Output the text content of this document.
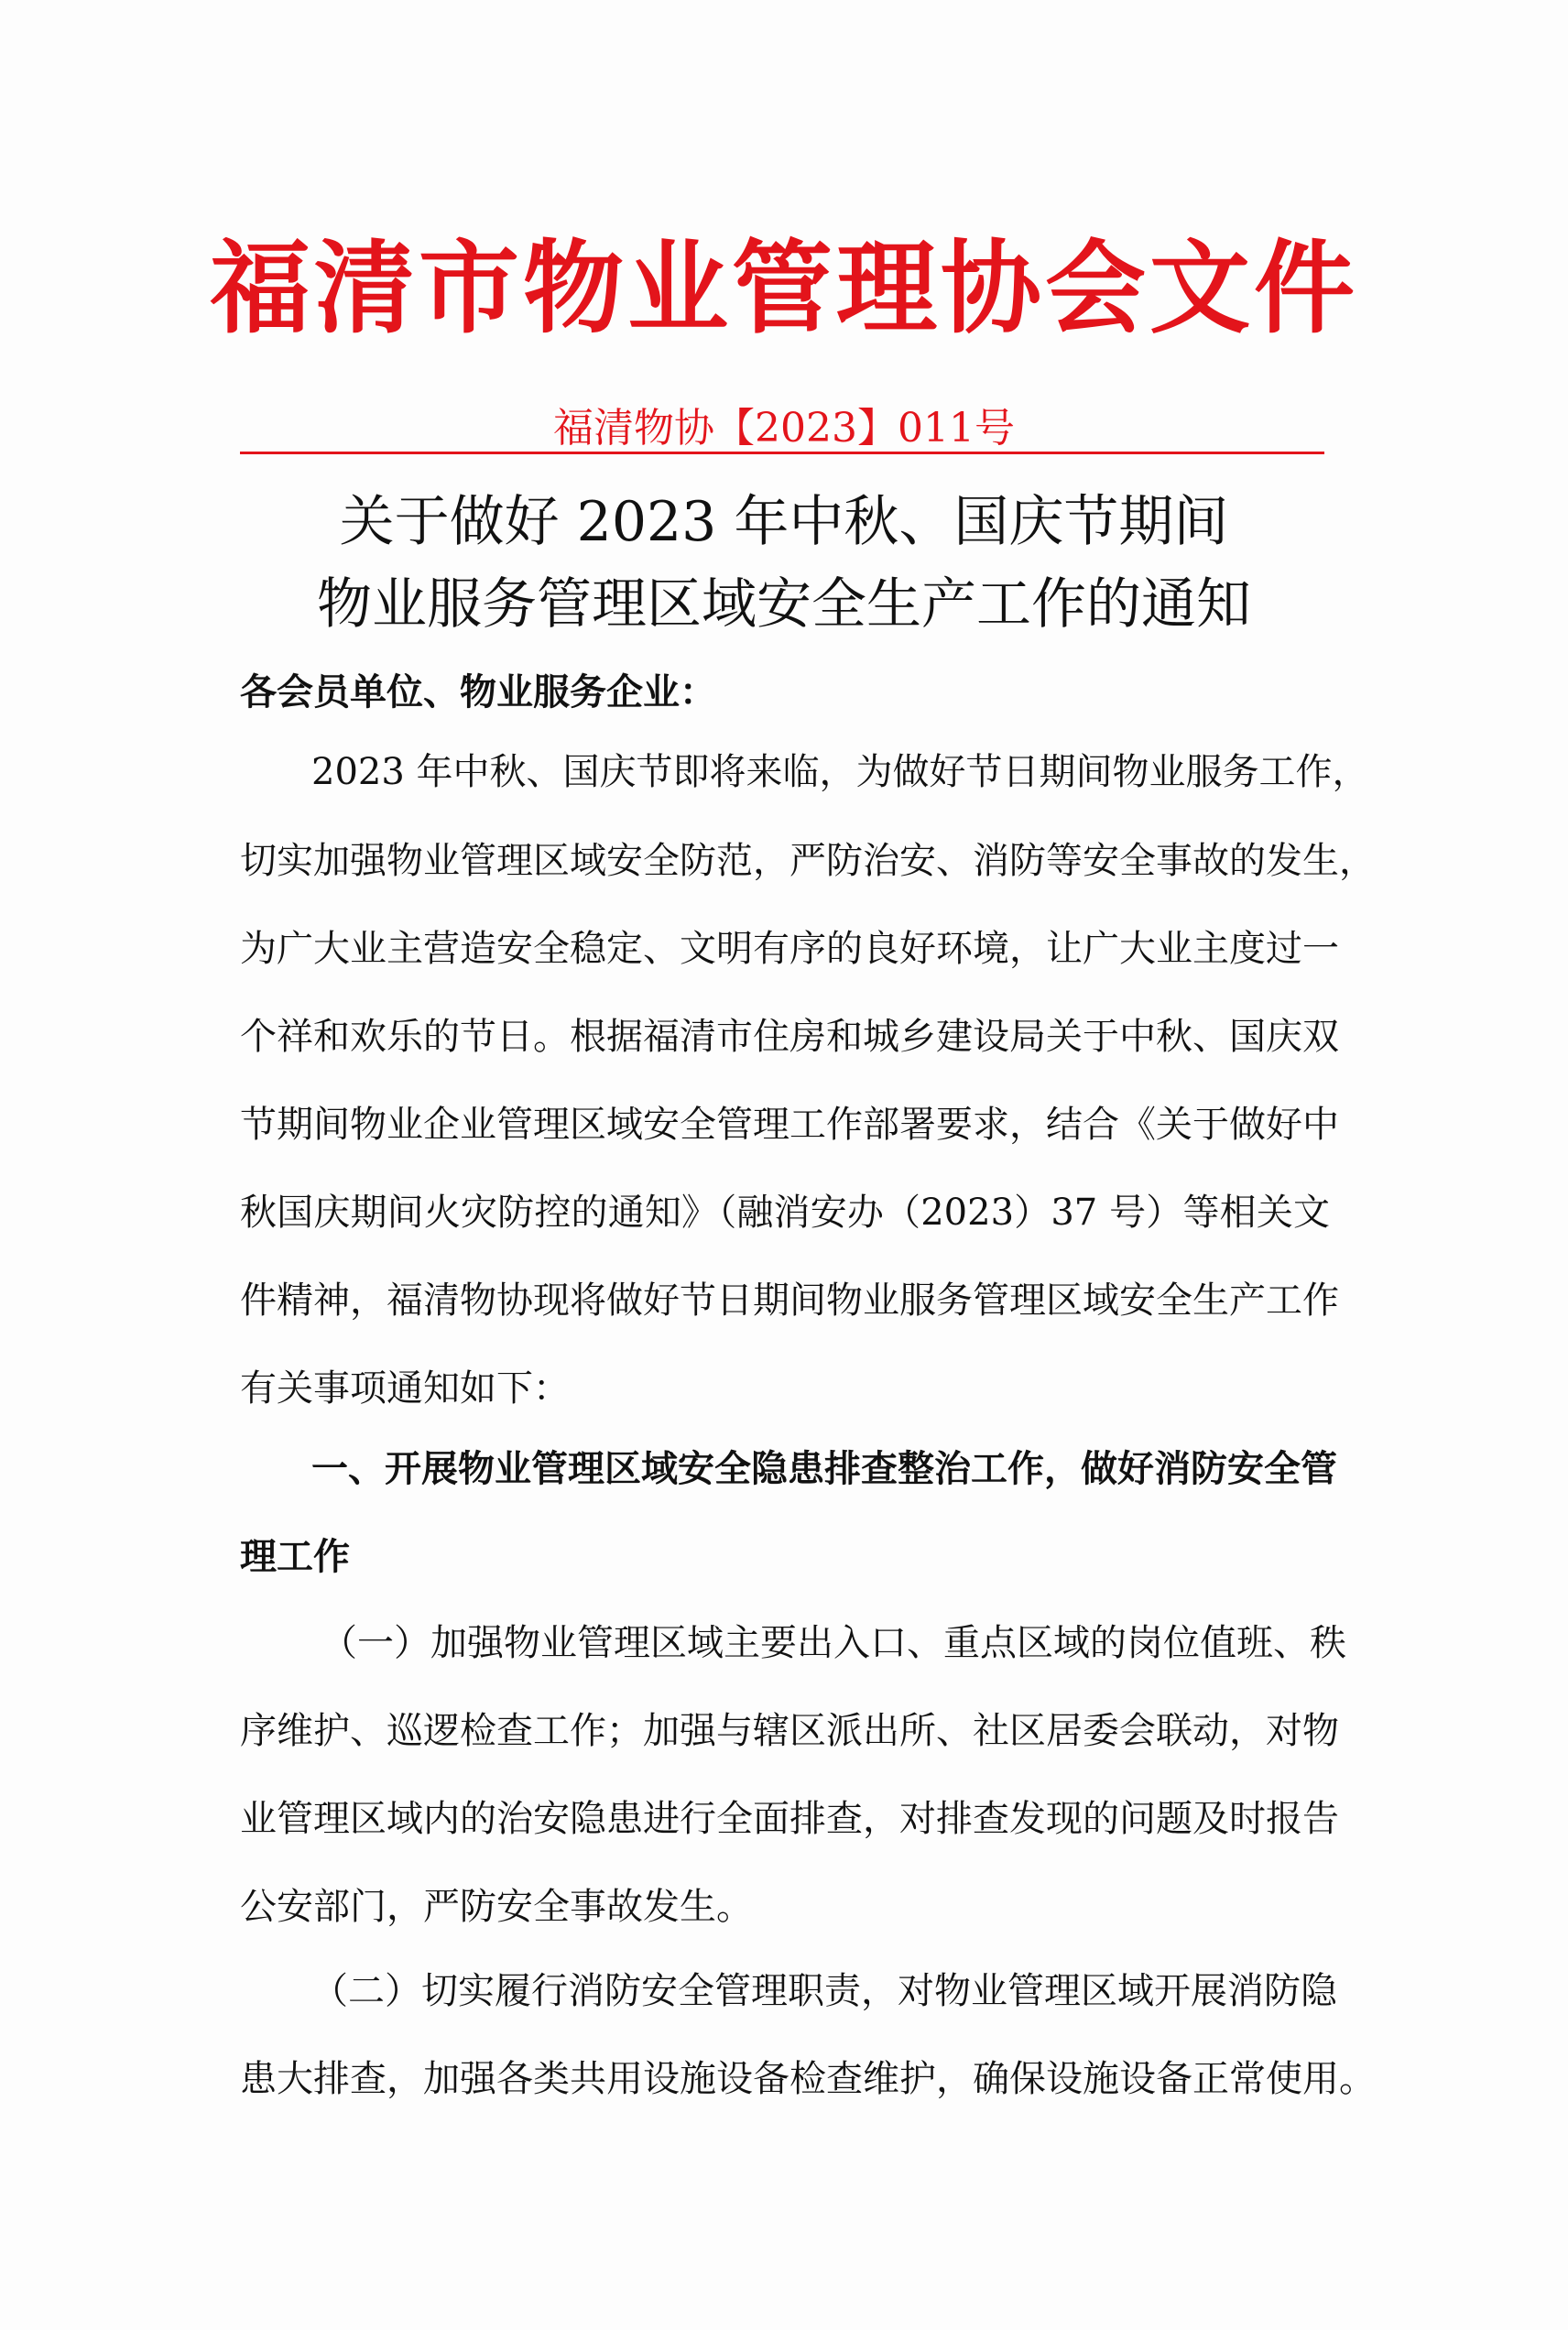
福清市物业管理协会文件
福清物协【2023】011号
关于做好 2023 年中秋、国庆节期间
物业服务管理区域安全生产工作的通知
各会员单位、物业服务企业：
2023 年中秋、国庆节即将来临，为做好节日期间物业服务工作，
切实加强物业管理区域安全防范，严防治安、消防等安全事故的发生，
为广大业主营造安全稳定、文明有序的良好环境，让广大业主度过一
个祥和欢乐的节日。根据福清市住房和城乡建设局关于中秋、国庆双
节期间物业企业管理区域安全管理工作部署要求，结合《关于做好中
秋国庆期间火灾防控的通知》（融消安办（2023）37 号）等相关文
件精神，福清物协现将做好节日期间物业服务管理区域安全生产工作
有关事项通知如下：
一、开展物业管理区域安全隐患排查整治工作，做好消防安全管
理工作
（一）加强物业管理区域主要出入口、重点区域的岗位值班、秩
序维护、巡逻检查工作；加强与辖区派出所、社区居委会联动，对物
业管理区域内的治安隐患进行全面排查，对排查发现的问题及时报告
公安部门，严防安全事故发生。
（二）切实履行消防安全管理职责，对物业管理区域开展消防隐
患大排查，加强各类共用设施设备检查维护，确保设施设备正常使用。
